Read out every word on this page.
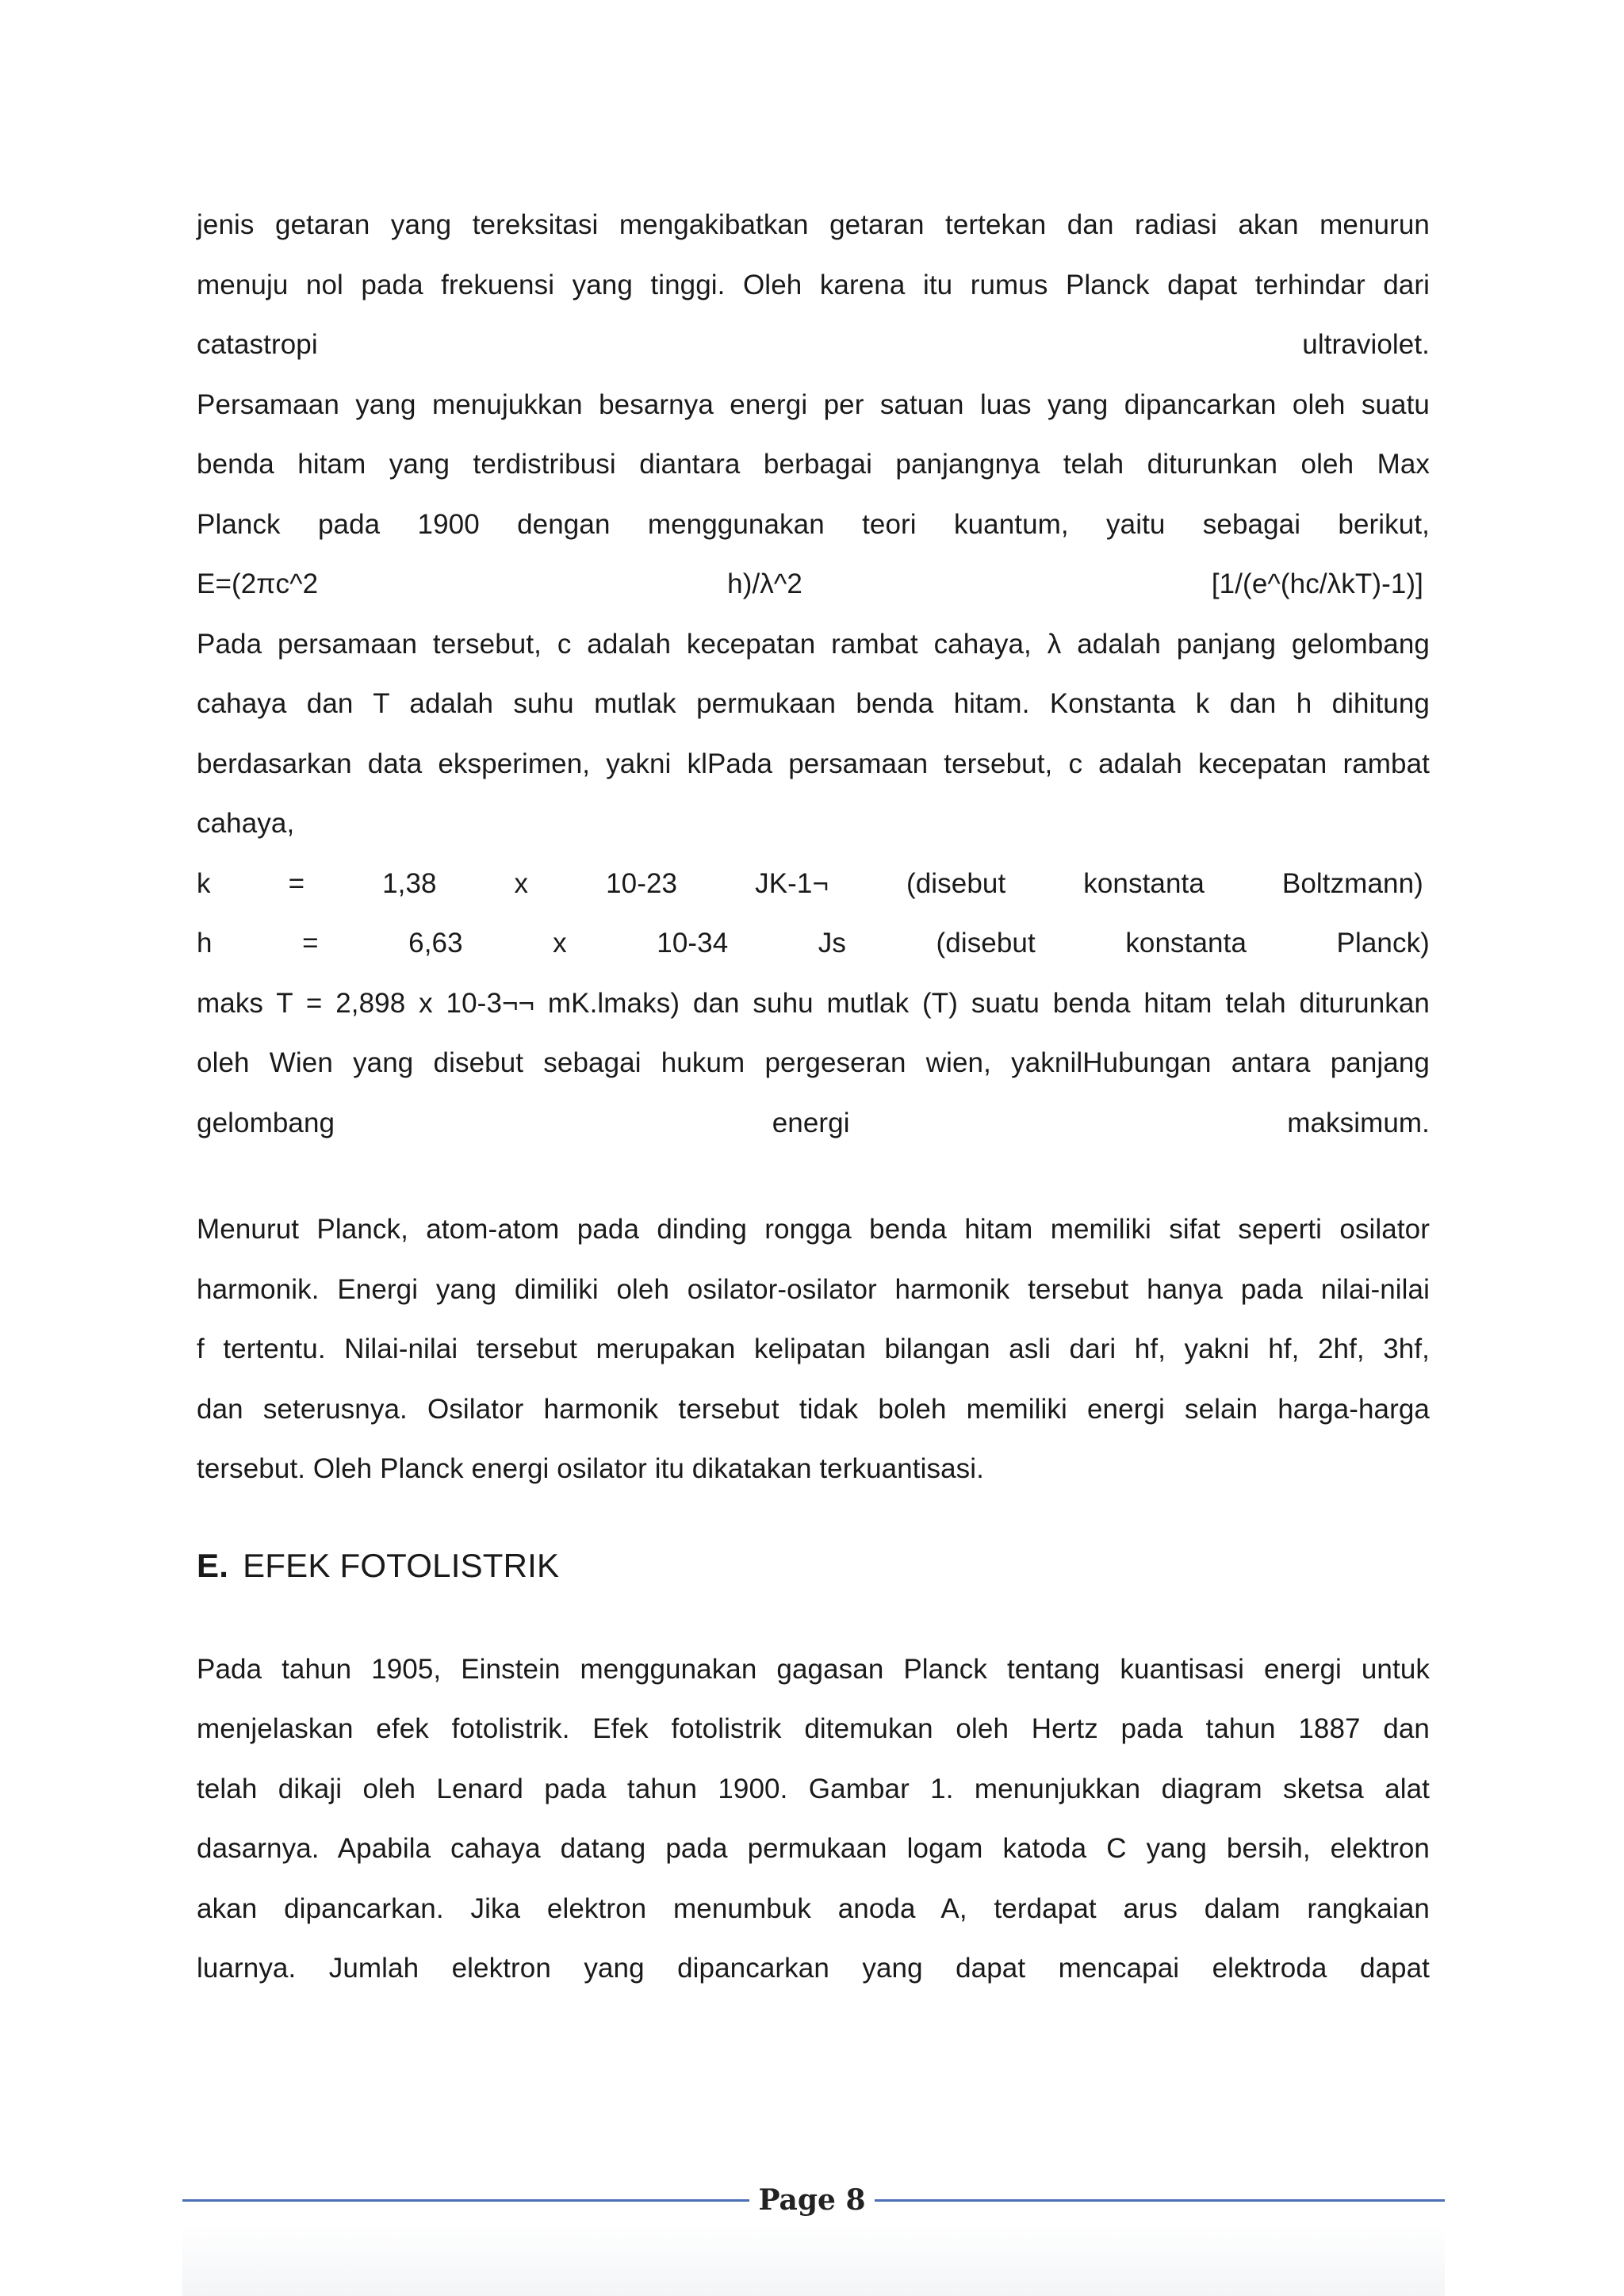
jenis getaran yang tereksitasi mengakibatkan getaran tertekan dan radiasi akan menurun
menuju nol pada frekuensi yang tinggi. Oleh karena itu rumus Planck dapat terhindar dari
catastropi	ultraviolet.
Persamaan yang menujukkan besarnya energi per satuan luas yang dipancarkan oleh suatu
benda hitam yang terdistribusi diantara berbagai panjangnya telah diturunkan oleh Max
Planck pada 1900 dengan menggunakan teori kuantum, yaitu sebagai berikut,
E=(2πc^2	h)/λ^2	[1/(e^(hc/λkT)-1)]
Pada persamaan tersebut, c adalah kecepatan rambat cahaya, λ adalah panjang gelombang
cahaya dan T adalah suhu mutlak permukaan benda hitam. Konstanta k dan h dihitung
berdasarkan data eksperimen, yakni klPada persamaan tersebut, c adalah kecepatan rambat
cahaya,
k	=	1,38	x	10-23	JK-1¬	(disebut	konstanta	Boltzmann)
h	=	6,63	x	10-34	Js	(disebut	konstanta	Planck)
maks T = 2,898 x 10-3¬¬ mK.lmaks) dan suhu mutlak (T) suatu benda hitam telah diturunkan
oleh Wien yang disebut sebagai hukum pergeseran wien, yaknilHubungan antara panjang
gelombang	energi	maksimum.
Menurut Planck, atom-atom pada dinding rongga benda hitam memiliki sifat seperti osilator
harmonik. Energi yang dimiliki oleh osilator-osilator harmonik tersebut hanya pada nilai-nilai
f tertentu. Nilai-nilai tersebut merupakan kelipatan bilangan asli dari hf, yakni hf, 2hf, 3hf,
dan seterusnya. Osilator harmonik tersebut tidak boleh memiliki energi selain harga-harga
tersebut. Oleh Planck energi osilator itu dikatakan terkuantisasi.
E. EFEK FOTOLISTRIK
Pada tahun 1905, Einstein menggunakan gagasan Planck tentang kuantisasi energi untuk
menjelaskan efek fotolistrik. Efek fotolistrik ditemukan oleh Hertz pada tahun 1887 dan
telah dikaji oleh Lenard pada tahun 1900. Gambar 1. menunjukkan diagram sketsa alat
dasarnya. Apabila cahaya datang pada permukaan logam katoda C yang bersih, elektron
akan dipancarkan. Jika elektron menumbuk anoda A, terdapat arus dalam rangkaian
luarnya. Jumlah elektron yang dipancarkan yang dapat mencapai elektroda dapat
Page 8
